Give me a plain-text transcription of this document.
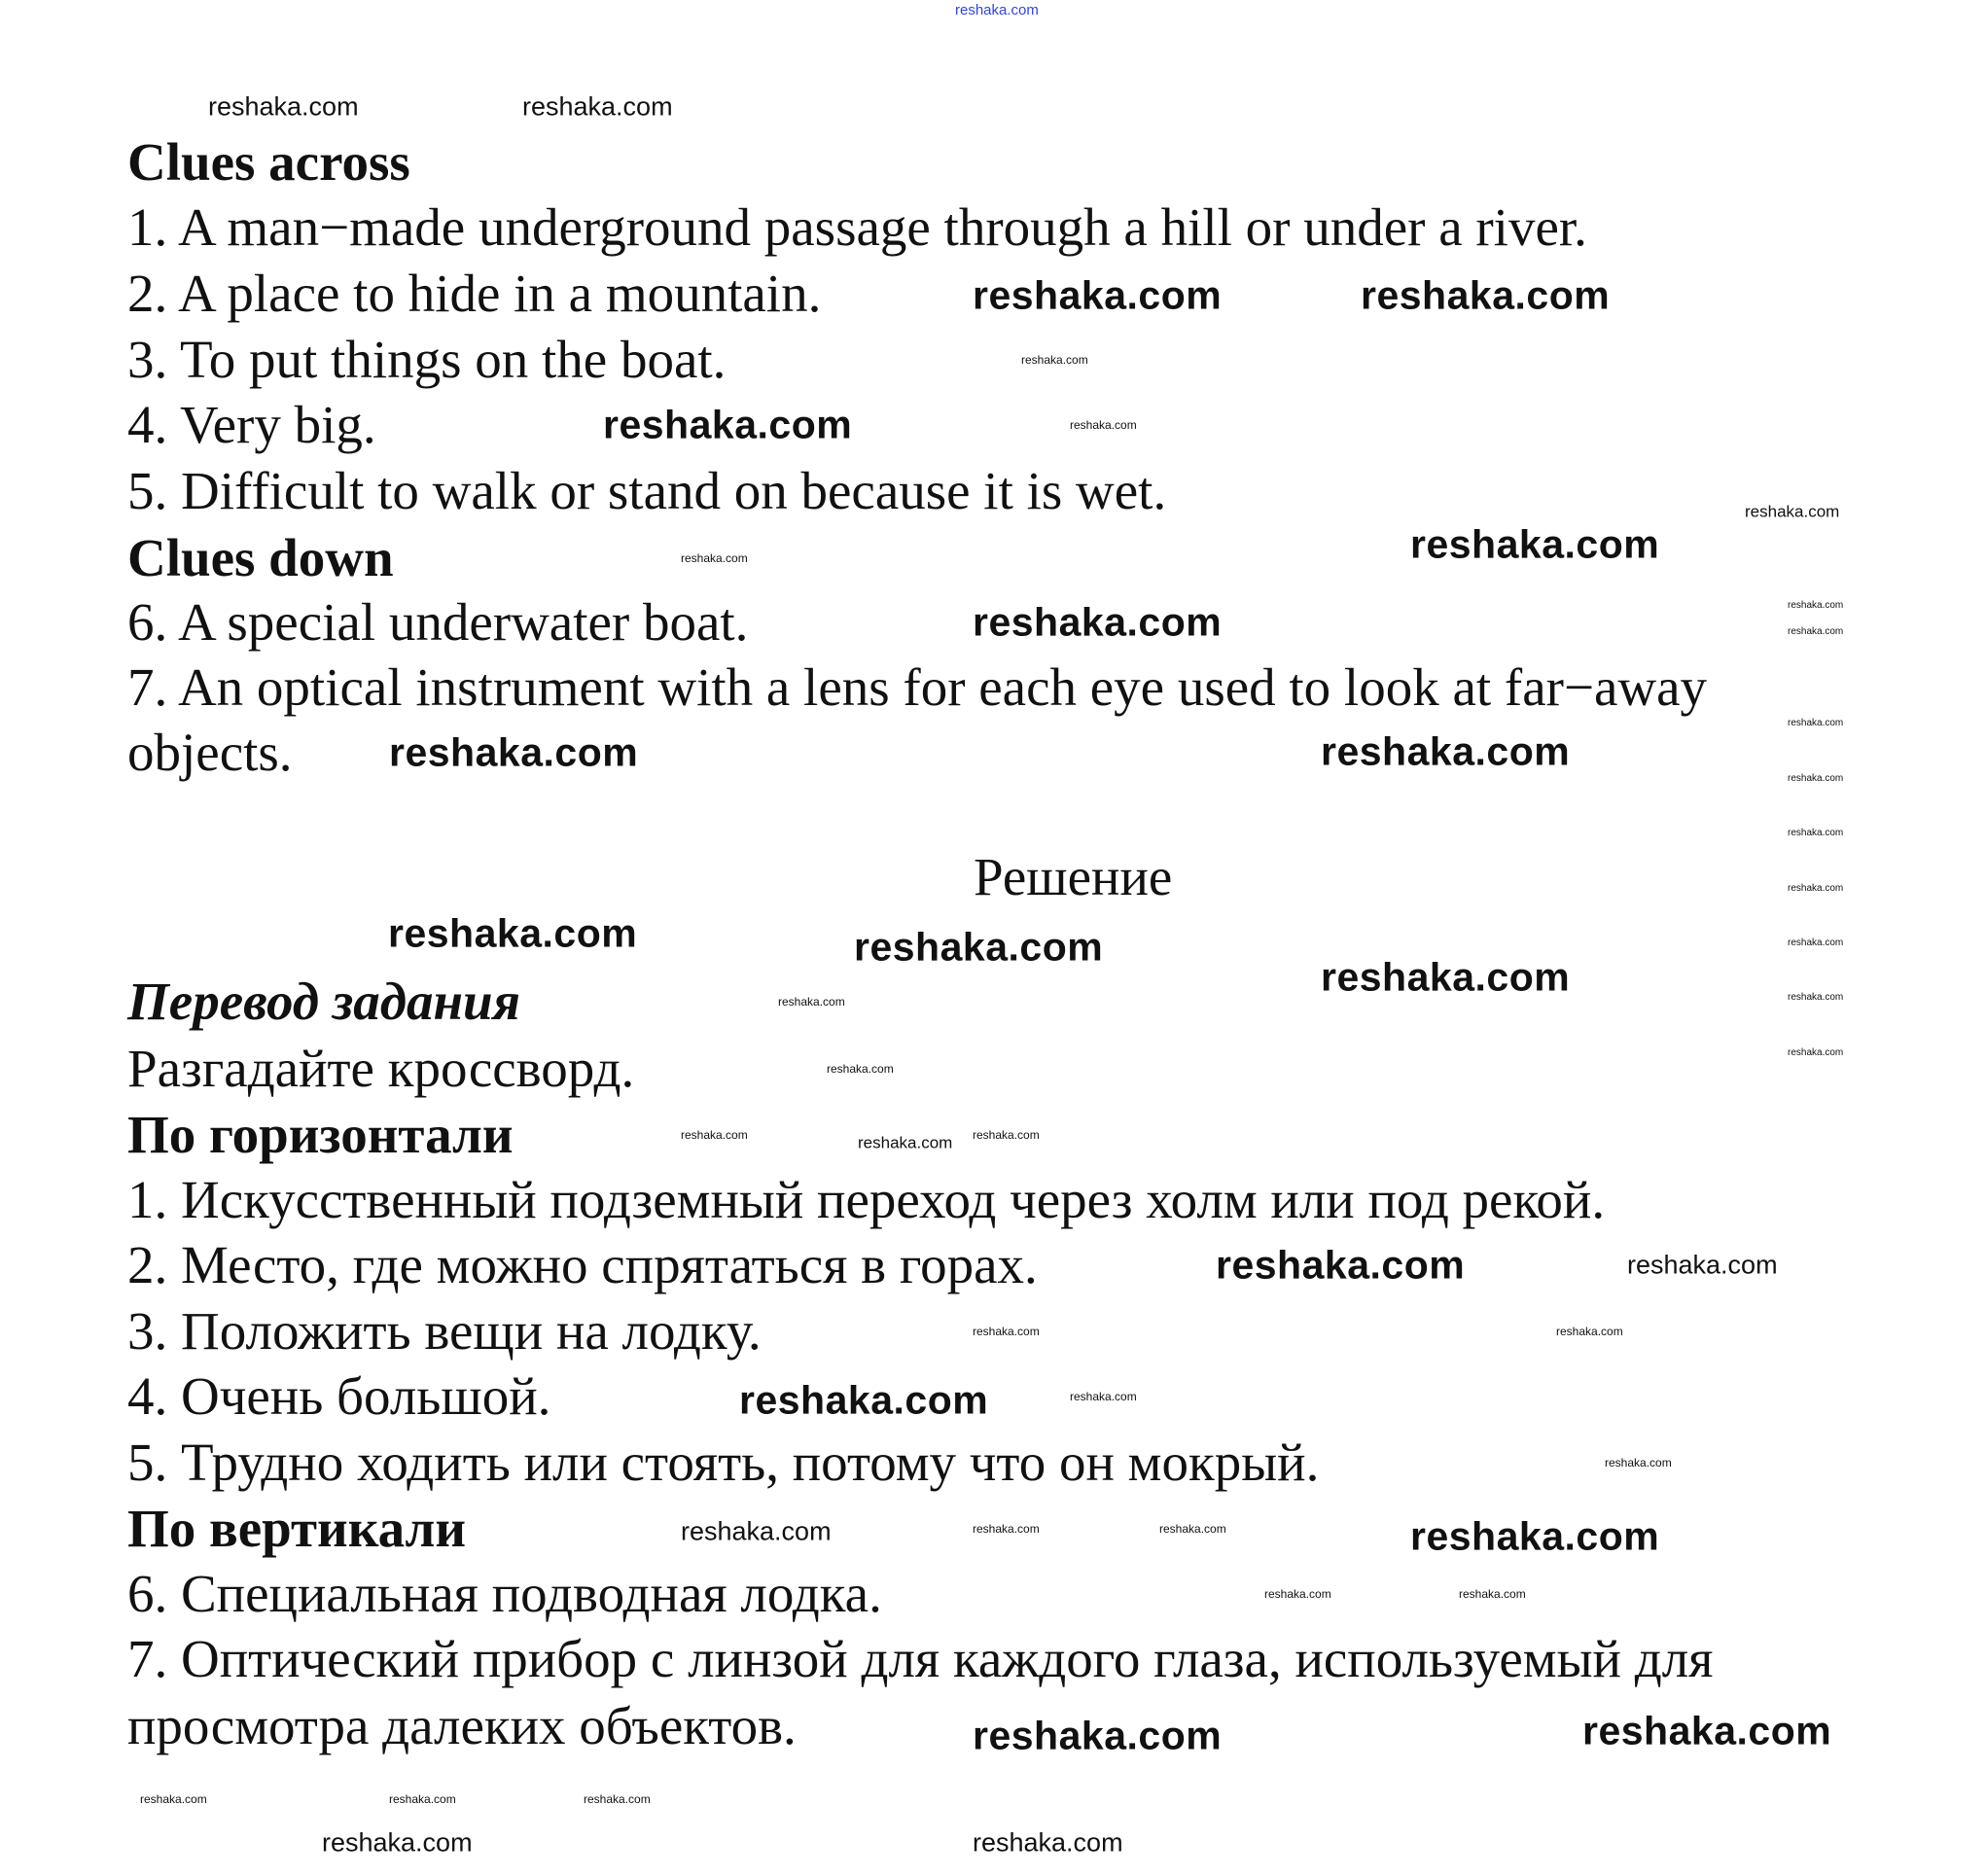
reshaka.com
Clues across
1. A man−made underground passage through a hill or under a river.
2. A place to hide in a mountain.
3. To put things on the boat.
4. Very big.
5. Difficult to walk or stand on because it is wet.
Clues down
6. A special underwater boat.
7. An optical instrument with a lens for each eye used to look at far−away
objects.
Решение
Перевод задания
Разгадайте кроссворд.
По горизонтали
1. Искусственный подземный переход через холм или под рекой.
2. Место, где можно спрятаться в горах.
3. Положить вещи на лодку.
4. Очень большой.
5. Трудно ходить или стоять, потому что он мокрый.
По вертикали
6. Специальная подводная лодка.
7. Оптический прибор с линзой для каждого глаза, используемый для
просмотра далеких объектов.
reshaka.com	reshaka.com
reshaka.com	reshaka.com
reshaka.com
reshaka.com	reshaka.com
reshaka.com	reshaka.com
reshaka.com
reshaka.com
reshaka.com
reshaka.com
reshaka.com
reshaka.com
reshaka.com
reshaka.com
reshaka.com
reshaka.com
reshaka.com
reshaka.com	reshaka.com
reshaka.com	reshaka.com
reshaka.com
reshaka.com
reshaka.com
reshaka.com	reshaka.com
reshaka.com
reshaka.com
reshaka.com
reshaka.com
reshaka.com
reshaka.com
reshaka.com	reshaka.com
reshaka.com
reshaka.com
reshaka.com
reshaka.com
reshaka.com
reshaka.com
reshaka.com	reshaka.com
reshaka.com
reshaka.com
reshaka.com
reshaka.com	reshaka.com
